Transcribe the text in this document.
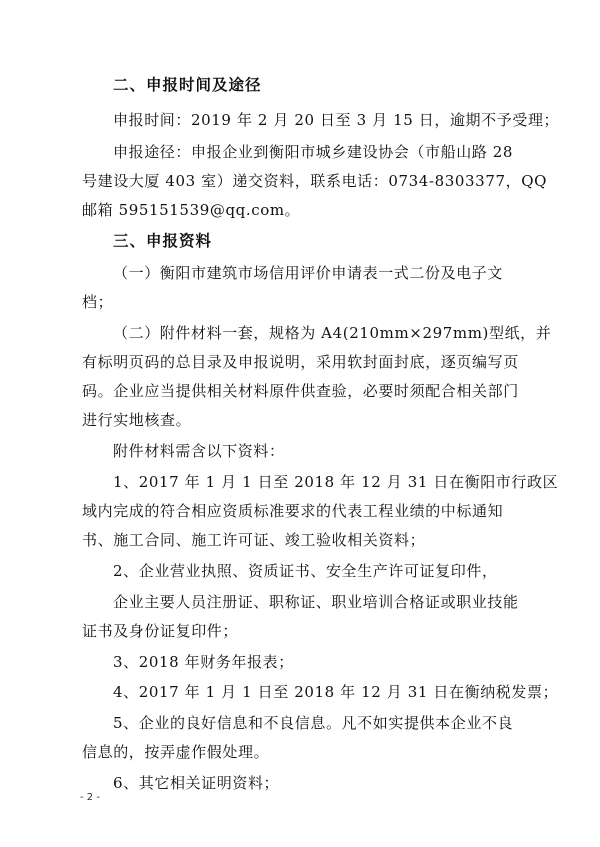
二、申报时间及途径
申报时间：2019 年 2 月 20 日至 3 月 15 日，逾期不予受理；
申报途径：申报企业到衡阳市城乡建设协会（市船山路 28
号建设大厦 403 室）递交资料，联系电话：0734-8303377，QQ
邮箱 595151539@qq.com。
三、申报资料
（一）衡阳市建筑市场信用评价申请表一式二份及电子文
档；
（二）附件材料一套，规格为 A4(210mm×297mm)型纸，并
有标明页码的总目录及申报说明，采用软封面封底，逐页编写页
码。企业应当提供相关材料原件供查验，必要时须配合相关部门
进行实地核查。
附件材料需含以下资料：
1、2017 年 1 月 1 日至 2018 年 12 月 31 日在衡阳市行政区
域内完成的符合相应资质标准要求的代表工程业绩的中标通知
书、施工合同、施工许可证、竣工验收相关资料；
2、企业营业执照、资质证书、安全生产许可证复印件，
企业主要人员注册证、职称证、职业培训合格证或职业技能
证书及身份证复印件；
3、2018 年财务年报表；
4、2017 年 1 月 1 日至 2018 年 12 月 31 日在衡纳税发票；
5、企业的良好信息和不良信息。凡不如实提供本企业不良
信息的，按弄虚作假处理。
6、其它相关证明资料；
- 2 -
